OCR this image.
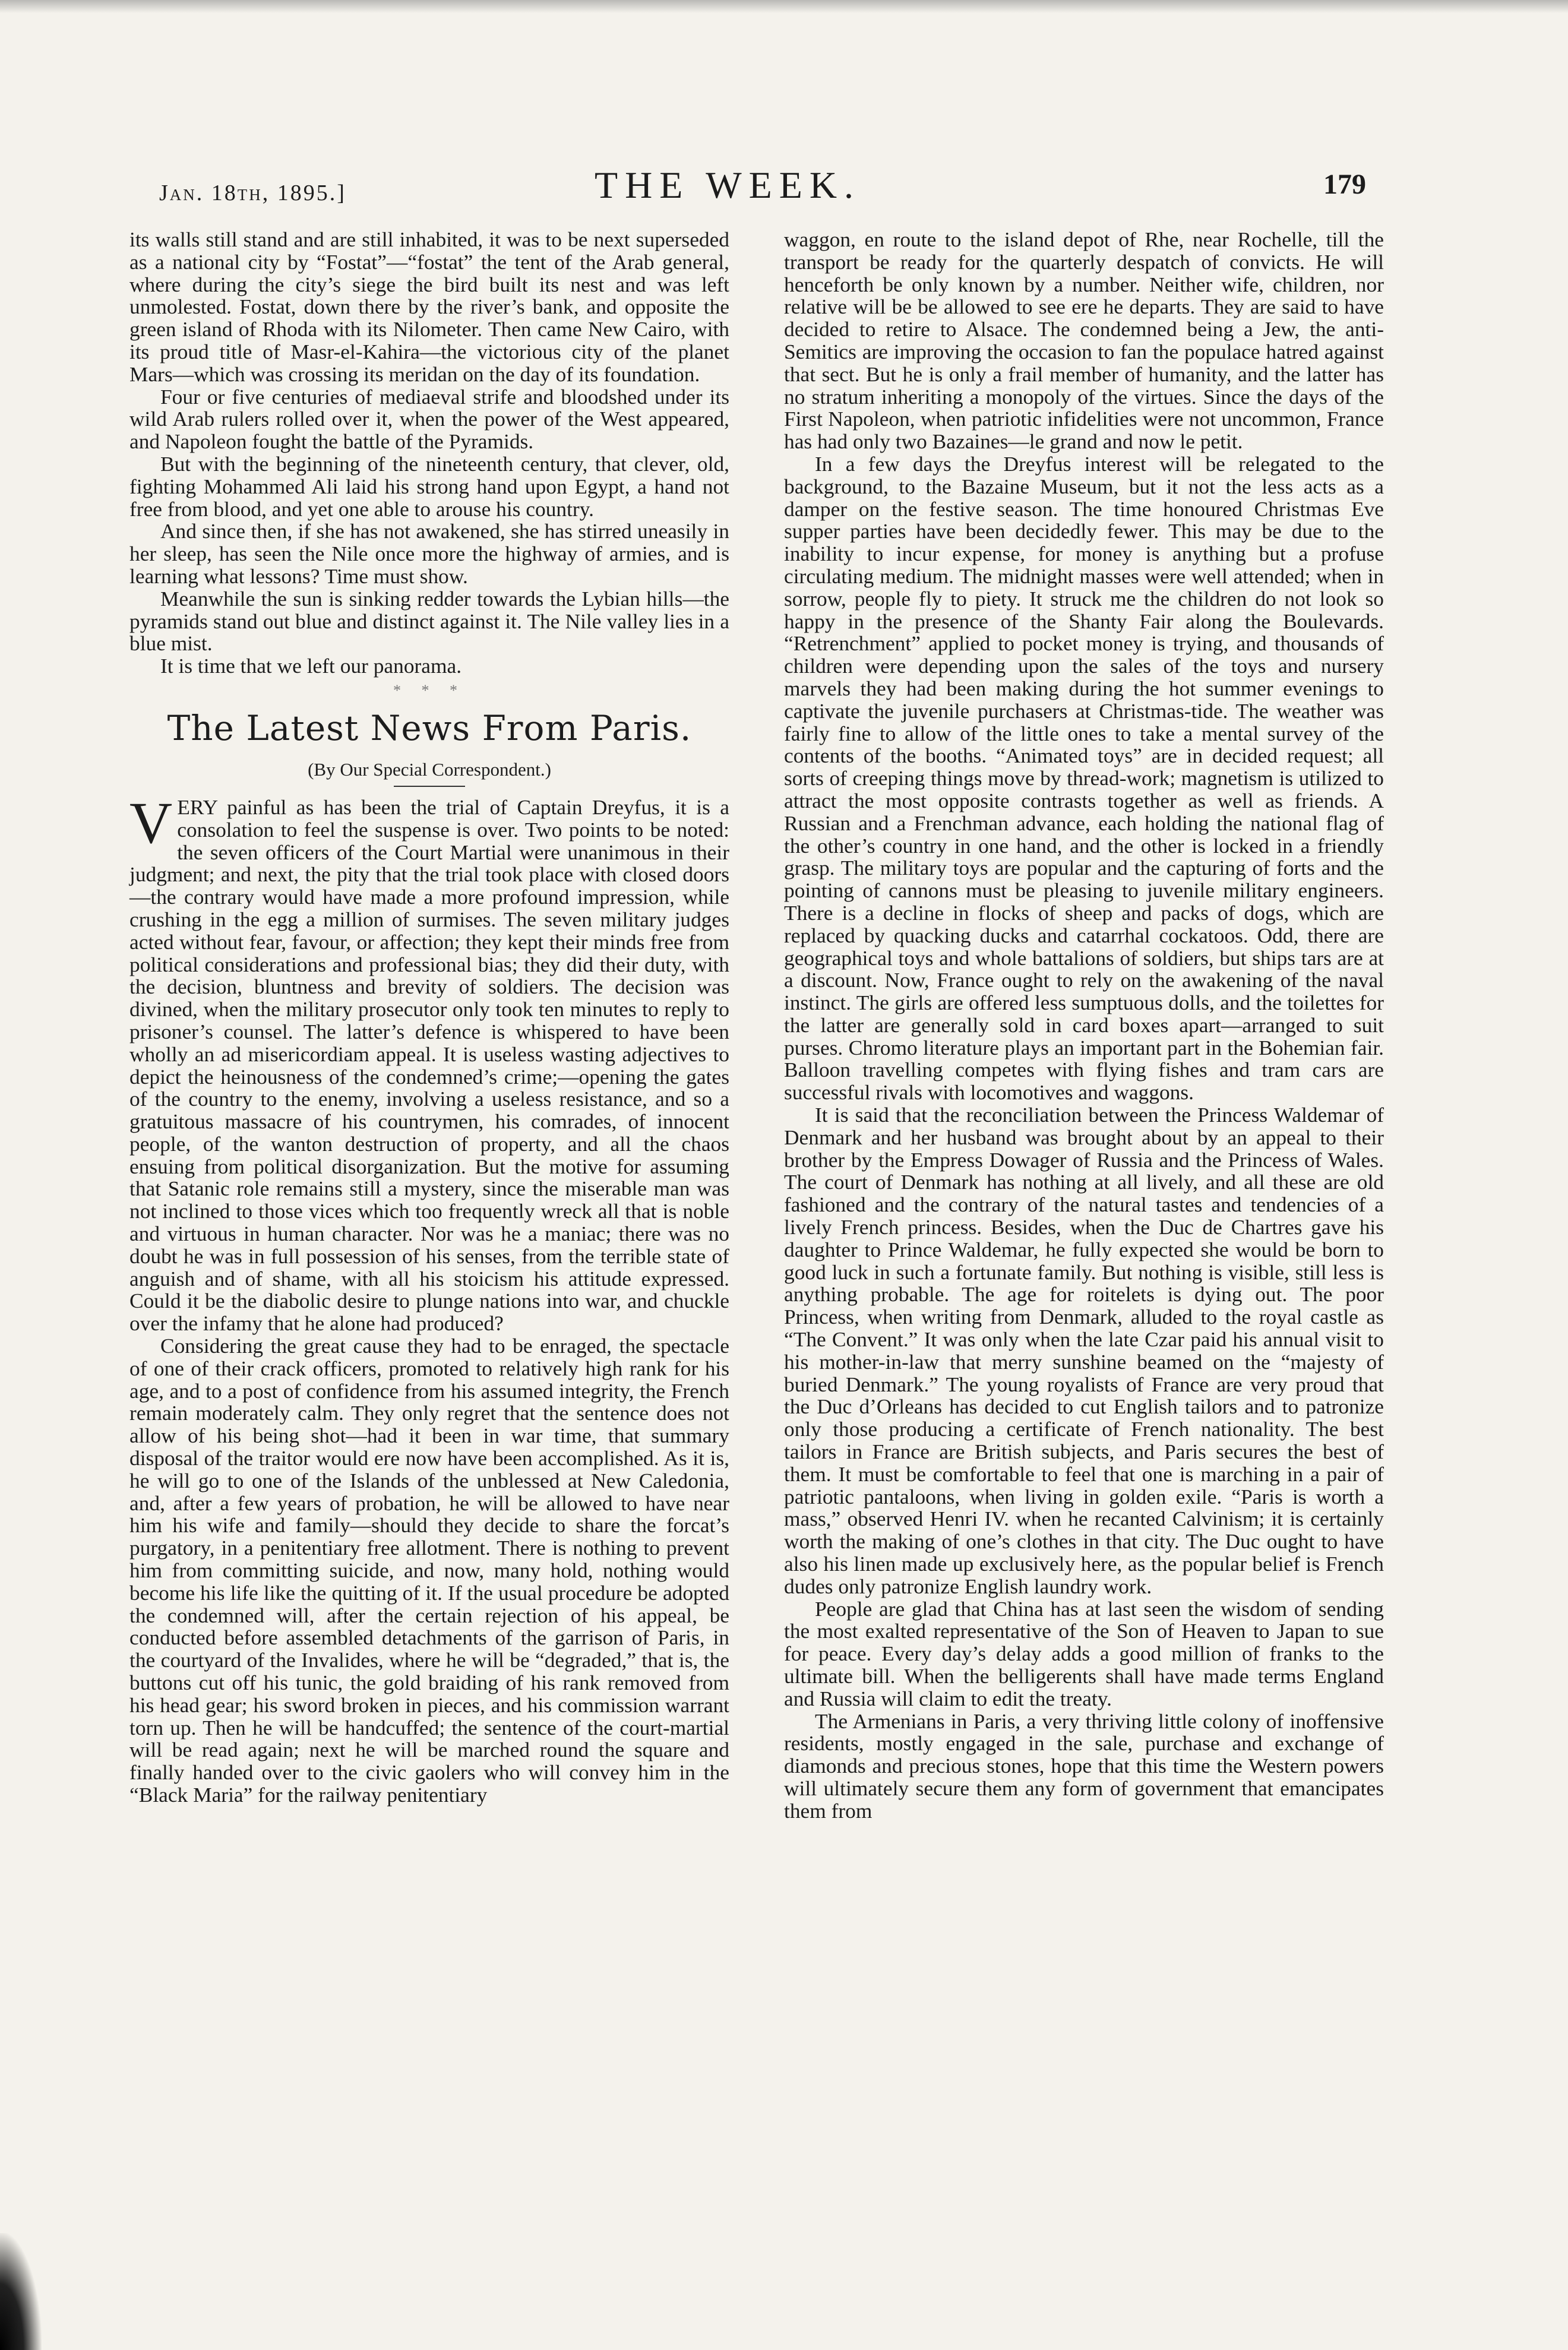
Jan. 18th, 1895.]	THE WEEK.	179

its walls still stand and are still inhabited, it was to be next superseded as a national city by “Fostat”—“fostat” the tent of the Arab general, where during the city’s siege the bird built its nest and was left unmolested. Fostat, down there by the river’s bank, and opposite the green island of Rhoda with its Nilometer. Then came New Cairo, with its proud title of Masr-el-Kahira—the victorious city of the planet Mars—which was crossing its meridan on the day of its foundation.

Four or five centuries of mediaeval strife and bloodshed under its wild Arab rulers rolled over it, when the power of the West appeared, and Napoleon fought the battle of the Pyramids.

But with the beginning of the nineteenth century, that clever, old, fighting Mohammed Ali laid his strong hand upon Egypt, a hand not free from blood, and yet one able to arouse his country.

And since then, if she has not awakened, she has stirred uneasily in her sleep, has seen the Nile once more the highway of armies, and is learning what lessons? Time must show.

Meanwhile the sun is sinking redder towards the Lybian hills—the pyramids stand out blue and distinct against it. The Nile valley lies in a blue mist.

It is time that we left our panorama.

* * *
The Latest News From Paris.
(By Our Special Correspondent.)

VERY painful as has been the trial of Captain Dreyfus, it is a consolation to feel the suspense is over. Two points to be noted: the seven officers of the Court Martial were unanimous in their judgment; and next, the pity that the trial took place with closed doors—the contrary would have made a more profound impression, while crushing in the egg a million of surmises. The seven military judges acted without fear, favour, or affection; they kept their minds free from political considerations and professional bias; they did their duty, with the decision, bluntness and brevity of soldiers. The decision was divined, when the military prosecutor only took ten minutes to reply to prisoner’s counsel. The latter’s defence is whispered to have been wholly an ad misericordiam appeal. It is useless wasting adjectives to depict the heinousness of the condemned’s crime;—opening the gates of the country to the enemy, involving a useless resistance, and so a gratuitous massacre of his countrymen, his comrades, of innocent people, of the wanton destruction of property, and all the chaos ensuing from political disorganization. But the motive for assuming that Satanic role remains still a mystery, since the miserable man was not inclined to those vices which too frequently wreck all that is noble and virtuous in human character. Nor was he a maniac; there was no doubt he was in full possession of his senses, from the terrible state of anguish and of shame, with all his stoicism his attitude expressed. Could it be the diabolic desire to plunge nations into war, and chuckle over the infamy that he alone had produced?

Considering the great cause they had to be enraged, the spectacle of one of their crack officers, promoted to relatively high rank for his age, and to a post of confidence from his assumed integrity, the French remain moderately calm. They only regret that the sentence does not allow of his being shot—had it been in war time, that summary disposal of the traitor would ere now have been accomplished. As it is, he will go to one of the Islands of the unblessed at New Caledonia, and, after a few years of probation, he will be allowed to have near him his wife and family—should they decide to share the forcat’s purgatory, in a penitentiary free allotment. There is nothing to prevent him from committing suicide, and now, many hold, nothing would become his life like the quitting of it. If the usual procedure be adopted the condemned will, after the certain rejection of his appeal, be conducted before assembled detachments of the garrison of Paris, in the courtyard of the Invalides, where he will be “degraded,” that is, the buttons cut off his tunic, the gold braiding of his rank removed from his head gear; his sword broken in pieces, and his commission warrant torn up. Then he will be handcuffed; the sentence of the court-martial will be read again; next he will be marched round the square and finally handed over to the civic gaolers who will convey him in the “Black Maria” for the railway penitentiary

waggon, en route to the island depot of Rhe, near Rochelle, till the transport be ready for the quarterly despatch of convicts. He will henceforth be only known by a number. Neither wife, children, nor relative will be be allowed to see ere he departs. They are said to have decided to retire to Alsace. The condemned being a Jew, the anti-Semitics are improving the occasion to fan the populace hatred against that sect. But he is only a frail member of humanity, and the latter has no stratum inheriting a monopoly of the virtues. Since the days of the First Napoleon, when patriotic infidelities were not uncommon, France has had only two Bazaines—le grand and now le petit.

In a few days the Dreyfus interest will be relegated to the background, to the Bazaine Museum, but it not the less acts as a damper on the festive season. The time honoured Christmas Eve supper parties have been decidedly fewer. This may be due to the inability to incur expense, for money is anything but a profuse circulating medium. The midnight masses were well attended; when in sorrow, people fly to piety. It struck me the children do not look so happy in the presence of the Shanty Fair along the Boulevards. “Retrenchment” applied to pocket money is trying, and thousands of children were depending upon the sales of the toys and nursery marvels they had been making during the hot summer evenings to captivate the juvenile purchasers at Christmas-tide. The weather was fairly fine to allow of the little ones to take a mental survey of the contents of the booths. “Animated toys” are in decided request; all sorts of creeping things move by thread-work; magnetism is utilized to attract the most opposite contrasts together as well as friends. A Russian and a Frenchman advance, each holding the national flag of the other’s country in one hand, and the other is locked in a friendly grasp. The military toys are popular and the capturing of forts and the pointing of cannons must be pleasing to juvenile military engineers. There is a decline in flocks of sheep and packs of dogs, which are replaced by quacking ducks and catarrhal cockatoos. Odd, there are geographical toys and whole battalions of soldiers, but ships tars are at a discount. Now, France ought to rely on the awakening of the naval instinct. The girls are offered less sumptuous dolls, and the toilettes for the latter are generally sold in card boxes apart—arranged to suit purses. Chromo literature plays an important part in the Bohemian fair. Balloon travelling competes with flying fishes and tram cars are successful rivals with locomotives and waggons.

It is said that the reconciliation between the Princess Waldemar of Denmark and her husband was brought about by an appeal to their brother by the Empress Dowager of Russia and the Princess of Wales. The court of Denmark has nothing at all lively, and all these are old fashioned and the contrary of the natural tastes and tendencies of a lively French princess. Besides, when the Duc de Chartres gave his daughter to Prince Waldemar, he fully expected she would be born to good luck in such a fortunate family. But nothing is visible, still less is anything probable. The age for roitelets is dying out. The poor Princess, when writing from Denmark, alluded to the royal castle as “The Convent.” It was only when the late Czar paid his annual visit to his mother-in-law that merry sunshine beamed on the “majesty of buried Denmark.” The young royalists of France are very proud that the Duc d’Orleans has decided to cut English tailors and to patronize only those producing a certificate of French nationality. The best tailors in France are British subjects, and Paris secures the best of them. It must be comfortable to feel that one is marching in a pair of patriotic pantaloons, when living in golden exile. “Paris is worth a mass,” observed Henri IV. when he recanted Calvinism; it is certainly worth the making of one’s clothes in that city. The Duc ought to have also his linen made up exclusively here, as the popular belief is French dudes only patronize English laundry work.

People are glad that China has at last seen the wisdom of sending the most exalted representative of the Son of Heaven to Japan to sue for peace. Every day’s delay adds a good million of franks to the ultimate bill. When the belligerents shall have made terms England and Russia will claim to edit the treaty.

The Armenians in Paris, a very thriving little colony of inoffensive residents, mostly engaged in the sale, purchase and exchange of diamonds and precious stones, hope that this time the Western powers will ultimately secure them any form of government that emancipates them from
